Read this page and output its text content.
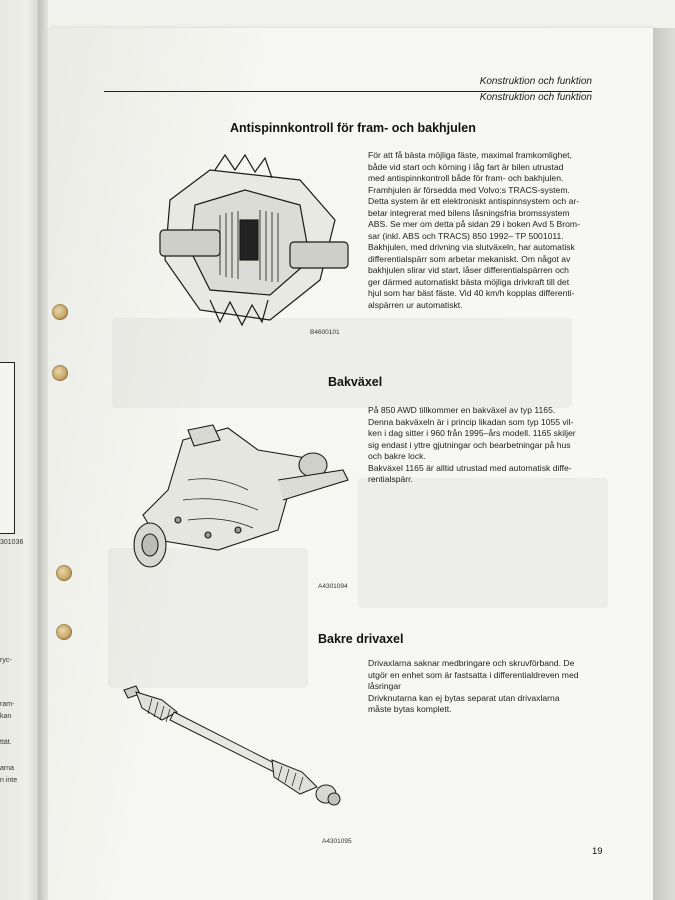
301036
ryc-
ram-
kan
ttät.
arna
n inte
Konstruktion och funktion
Konstruktion och funktion
Antispinnkontroll för fram- och bakhjulen
B4600101

För att få bästa möjliga fäste, maximal framkomlighet,

både vid start och körning i låg fart är bilen utrustad

med antispinnkontroll både för fram- och bakhjulen.

Framhjulen är försedda med Volvo:s TRACS-system.

Detta system är ett elektroniskt antispinnsystem och ar-

betar integrerat med bilens låsningsfria bromssystem

ABS. Se mer om detta på sidan 29 i boken Avd 5 Brom-

sar (inkl. ABS och TRACS) 850 1992– TP 5001011.

Bakhjulen, med drivning via slutväxeln, har automatisk

differentialspärr som arbetar mekaniskt. Om något av

bakhjulen slirar vid start, låser differentialspärren och

ger därmed automatiskt bästa möjliga drivkraft till det

hjul som har bäst fäste. Vid 40 km/h kopplas differenti-

alspärren ur automatiskt.

Bakväxel
A4301094

På 850 AWD tillkommer en bakväxel av typ 1165.

Denna bakväxeln är i princip likadan som typ 1055 vil-

ken i dag sitter i 960 från 1995–års modell. 1165 skiljer

sig endast i yttre gjutningar och bearbetningar på hus

och bakre lock.

Bakväxel 1165 är alltid utrustad med automatisk diffe-

rentialspärr.

Bakre drivaxel
A4301095

Drivaxlarna saknar medbringare och skruvförband. De

utgör en enhet som är fastsatta i differentialdreven med

låsringar

Drivknutarna kan ej bytas separat utan drivaxlarna

måste bytas komplett.

19
